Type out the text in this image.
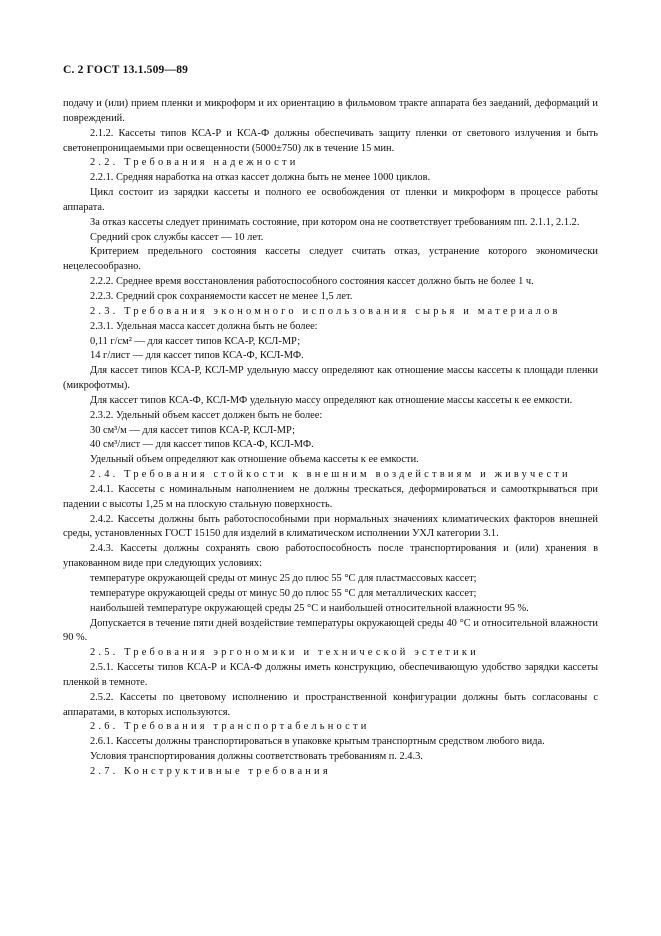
С. 2 ГОСТ 13.1.509—89

подачу и (или) прием пленки и микроформ и их ориентацию в фильмовом тракте аппарата без заеданий, деформаций и повреждений.

2.1.2. Кассеты типов КСА-Р и КСА-Ф должны обеспечивать защиту пленки от светового излучения и быть светонепроницаемыми при освещенности (5000±750) лк в течение 15 мин.

2.2. Требования надежности

2.2.1. Средняя наработка на отказ кассет должна быть не менее 1000 циклов.

Цикл состоит из зарядки кассеты и полного ее освобождения от пленки и микроформ в процессе работы аппарата.

За отказ кассеты следует принимать состояние, при котором она не соответствует требованиям пп. 2.1.1, 2.1.2.

Средний срок службы кассет — 10 лет.

Критерием предельного состояния кассеты следует считать отказ, устранение которого экономически нецелесообразно.

2.2.2. Среднее время восстановления работоспособного состояния кассет должно быть не более 1 ч.

2.2.3. Средний срок сохраняемости кассет не менее 1,5 лет.

2.3. Требования экономного использования сырья и материалов

2.3.1. Удельная масса кассет должна быть не более:

0,11 г/см² — для кассет типов КСА-Р, КСЛ-МР;

14 г/лист — для кассет типов КСА-Ф, КСЛ-МФ.

Для кассет типов КСА-Р, КСЛ-МР удельную массу определяют как отношение массы кассеты к площади пленки (микрофотмы).

Для кассет типов КСА-Ф, КСЛ-МФ удельную массу определяют как отношение массы кассеты к ее емкости.

2.3.2. Удельный объем кассет должен быть не более:

30 см³/м — для кассет типов КСА-Р, КСЛ-МР;

40 см³/лист — для кассет типов КСА-Ф, КСЛ-МФ.

Удельный объем определяют как отношение объема кассеты к ее емкости.

2.4. Требования стойкости к внешним воздействиям и живучести

2.4.1. Кассеты с номинальным наполнением не должны трескаться, деформироваться и самооткрываться при падении с высоты 1,25 м на плоскую стальную поверхность.

2.4.2. Кассеты должны быть работоспособными при нормальных значениях климатических факторов внешней среды, установленных ГОСТ 15150 для изделий в климатическом исполнении УХЛ категории 3.1.

2.4.3. Кассеты должны сохранять свою работоспособность после транспортирования и (или) хранения в упакованном виде при следующих условиях:

температуре окружающей среды от минус 25 до плюс 55 °С для пластмассовых кассет;

температуре окружающей среды от минус 50 до плюс 55 °С для металлических кассет;

наибольшей температуре окружающей среды 25 °С и наибольшей относительной влажности 95 %.

Допускается в течение пяти дней воздействие температуры окружающей среды 40 °С и относительной влажности 90 %.

2.5. Требования эргономики и технической эстетики

2.5.1. Кассеты типов КСА-Р и КСА-Ф должны иметь конструкцию, обеспечивающую удобство зарядки кассеты пленкой в темноте.

2.5.2. Кассеты по цветовому исполнению и пространственной конфигурации должны быть согласованы с аппаратами, в которых используются.

2.6. Требования транспортабельности

2.6.1. Кассеты должны транспортироваться в упаковке крытым транспортным средством любого вида.

Условия транспортирования должны соответствовать требованиям п. 2.4.3.

2.7. Конструктивные требования
